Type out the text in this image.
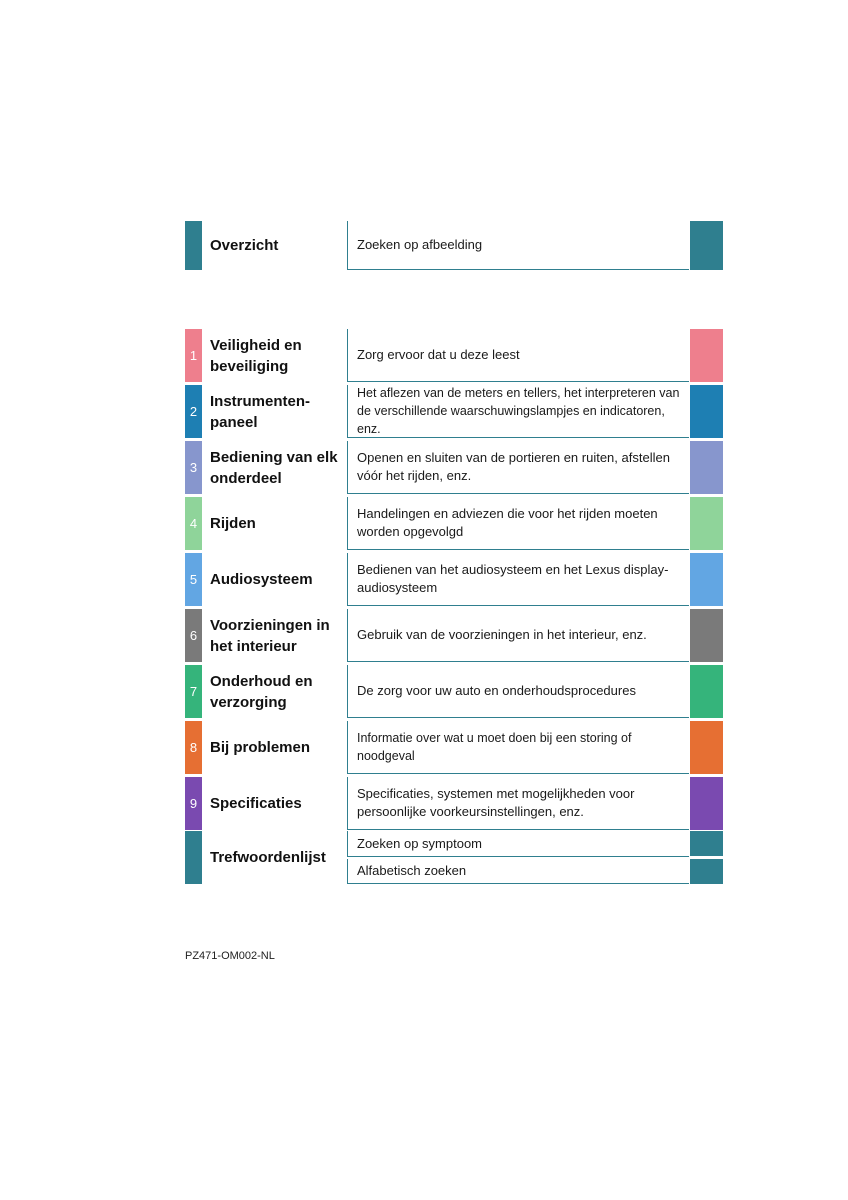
Overzicht	Zoeken op afbeelding
1
Veiligheid en beveiliging
Zorg ervoor dat u deze leest
2
Instrumenten- paneel
Het aflezen van de meters en tellers, het interpreteren van de verschillende waarschuwingslampjes en indicatoren, enz.
3
Bediening van elk onderdeel
Openen en sluiten van de portieren en ruiten, afstellen vóór het rijden, enz.
4 Rijden
Handelingen en adviezen die voor het rijden moeten worden opgevolgd
5 Audiosysteem
Bedienen van het audiosysteem en het Lexus display-audiosysteem
6
Voorzieningen in het interieur
Gebruik van de voorzieningen in het interieur, enz.
7
Onderhoud en verzorging
De zorg voor uw auto en onderhoudsprocedures
8 Bij problemen
Informatie over wat u moet doen bij een storing of noodgeval
9 Specificaties
Specificaties, systemen met mogelijkheden voor persoonlijke voorkeursinstellingen, enz.
Trefwoordenlijst
Zoeken op symptoom
Alfabetisch zoeken
PZ471-OM002-NL
